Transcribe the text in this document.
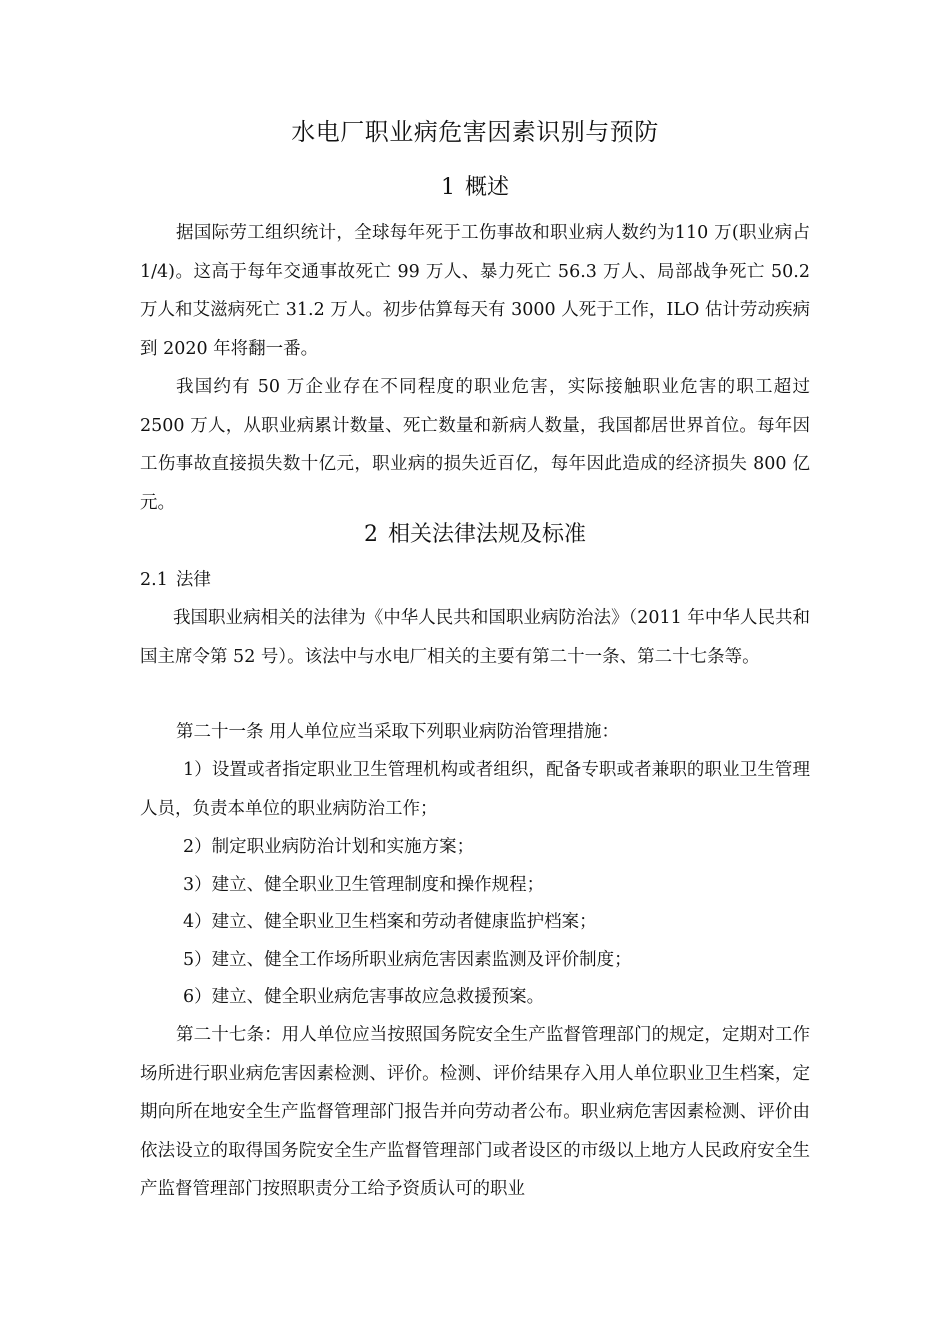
水电厂职业病危害因素识别与预防
1 概述

据国际劳工组织统计，全球每年死于工伤事故和职业病人数约为110 万(职业病占 1/4)。这高于每年交通事故死亡 99 万人、暴力死亡 56.3 万人、局部战争死亡 50.2 万人和艾滋病死亡 31.2 万人。初步估算每天有 3000 人死于工作，ILO 估计劳动疾病到 2020 年将翻一番。

我国约有 50 万企业存在不同程度的职业危害，实际接触职业危害的职工超过 2500 万人，从职业病累计数量、死亡数量和新病人数量，我国都居世界首位。每年因工伤事故直接损失数十亿元，职业病的损失近百亿，每年因此造成的经济损失 800 亿元。

2 相关法律法规及标准
2.1 法律

我国职业病相关的法律为《中华人民共和国职业病防治法》（2011 年中华人民共和国主席令第 52 号）。该法中与水电厂相关的主要有第二十一条、第二十七条等。

第二十一条 用人单位应当采取下列职业病防治管理措施：

1）设置或者指定职业卫生管理机构或者组织，配备专职或者兼职的职业卫生管理人员，负责本单位的职业病防治工作；

2）制定职业病防治计划和实施方案；

3）建立、健全职业卫生管理制度和操作规程；

4）建立、健全职业卫生档案和劳动者健康监护档案；

5）建立、健全工作场所职业病危害因素监测及评价制度；

6）建立、健全职业病危害事故应急救援预案。

第二十七条：用人单位应当按照国务院安全生产监督管理部门的规定，定期对工作场所进行职业病危害因素检测、评价。检测、评价结果存入用人单位职业卫生档案，定期向所在地安全生产监督管理部门报告并向劳动者公布。职业病危害因素检测、评价由依法设立的取得国务院安全生产监督管理部门或者设区的市级以上地方人民政府安全生产监督管理部门按照职责分工给予资质认可的职业
